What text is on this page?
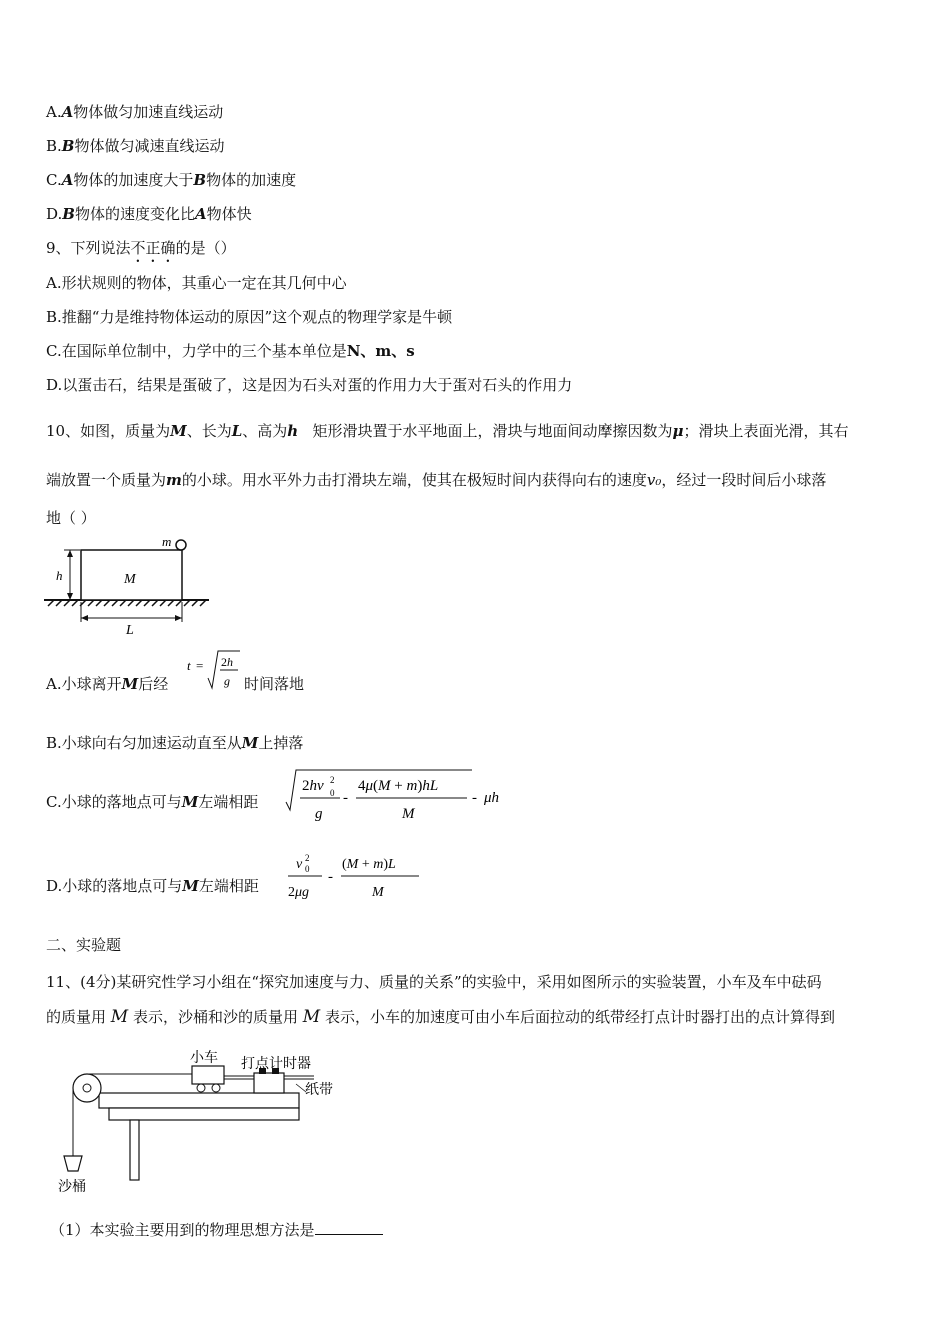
A.A物体做匀加速直线运动
B.B物体做匀减速直线运动
C.A物体的加速度大于B物体的加速度
D.B物体的速度变化比A物体快
9、下列说法不正确的是（）
A.形状规则的物体，其重心一定在其几何中心
B.推翻“力是维持物体运动的原因”这个观点的物理学家是牛顿
C.在国际单位制中，力学中的三个基本单位是N、m、s
D.以蛋击石，结果是蛋破了，这是因为石头对蛋的作用力大于蛋对石头的作用力
10、如图，质量为M、长为L、高为h 矩形滑块置于水平地面上，滑块与地面间动摩擦因数为μ；滑块上表面光滑，其右
端放置一个质量为m的小球。用水平外力击打滑块左端，使其在极短时间内获得向右的速度v₀，经过一段时间后小球落
地（ ）
m
M
h
L
A.小球离开M后经
t = 2h
g 时间落地
B.小球向右匀加速运动直至从M上掉落
C.小球的落地点可与M左端相距
2hv 2
0
g
-
4μ(M + m)hL
M
- μh
D.小球的落地点可与M左端相距
v 2
0
2μg
-
(M + m)L
M
二、实验题
11、(4分)某研究性学习小组在“探究加速度与力、质量的关系”的实验中，采用如图所示的实验装置，小车及车中砝码
的质量用 M 表示，沙桶和沙的质量用 M 表示，小车的加速度可由小车后面拉动的纸带经打点计时器打出的点计算得到
小车 打点计时器
纸带
沙桶
（1）本实验主要用到的物理思想方法是
